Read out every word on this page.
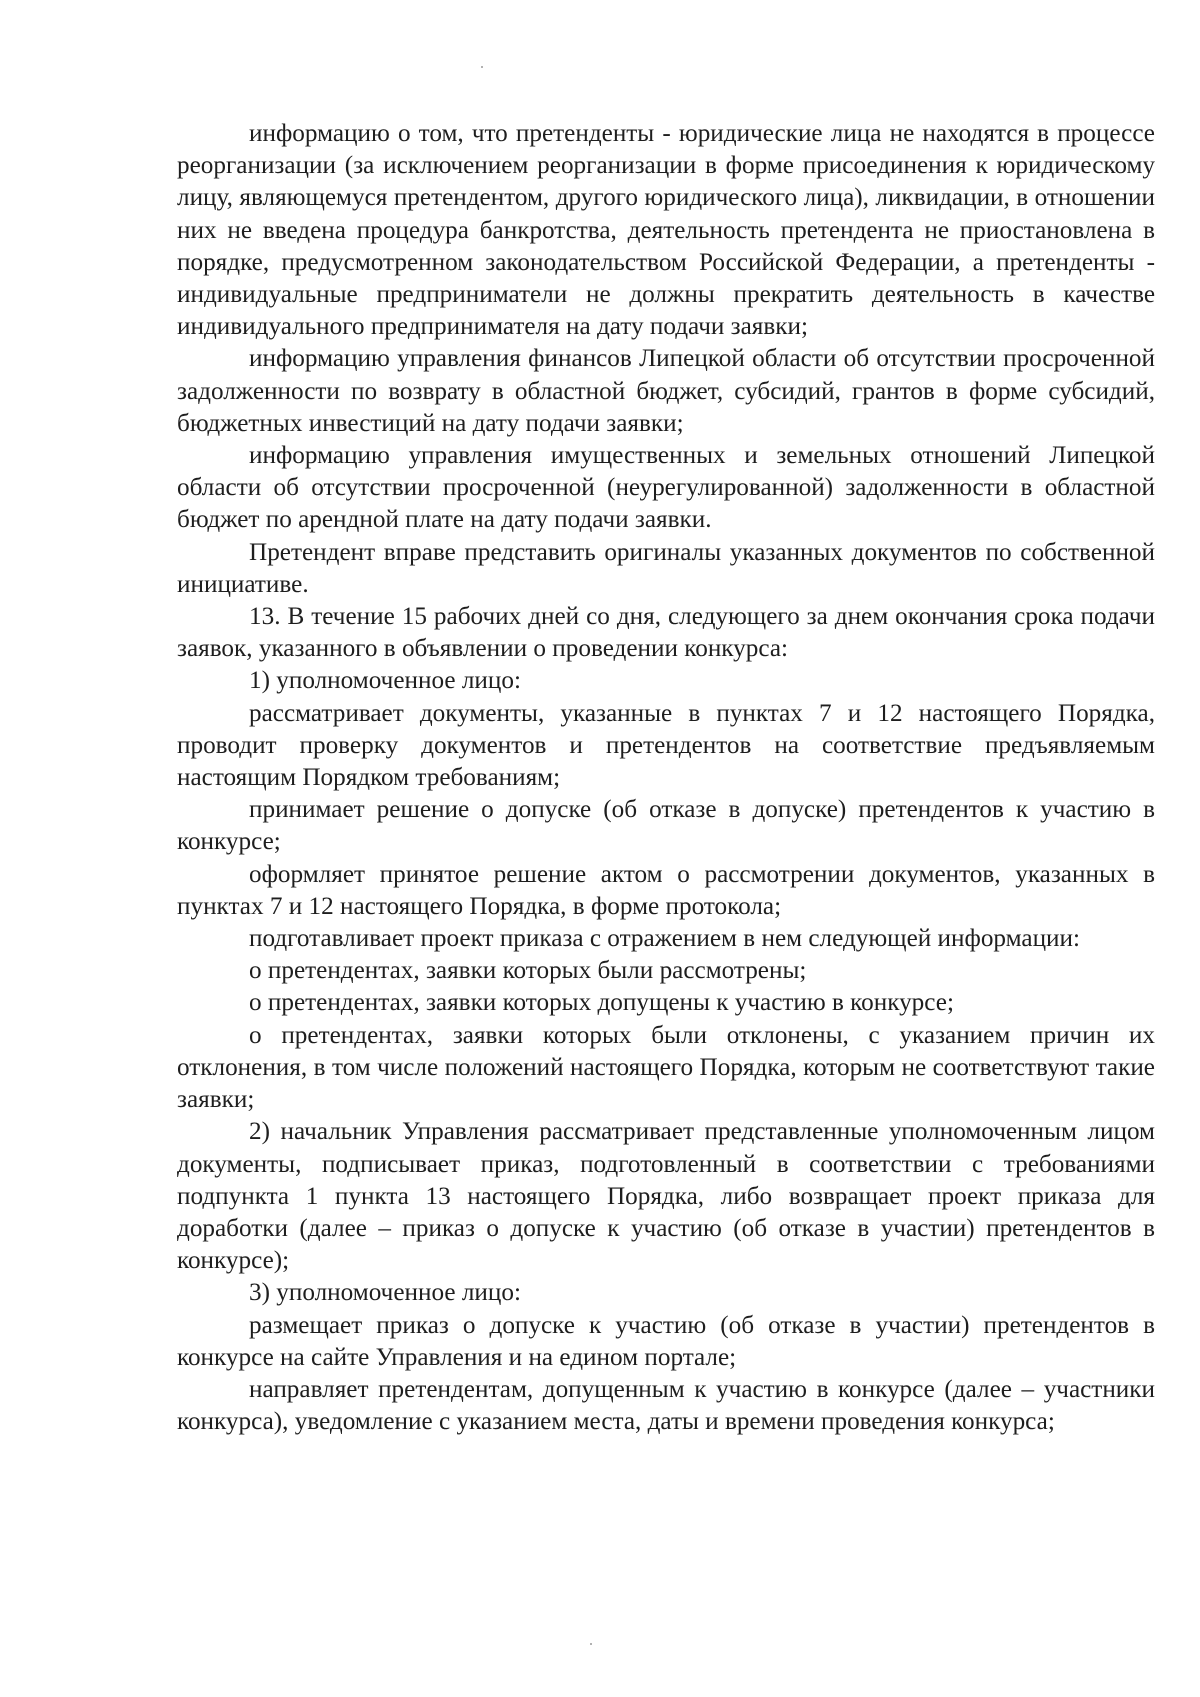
информацию о том, что претенденты - юридические лица не находятся в процессе реорганизации (за исключением реорганизации в форме присоединения к юридическому лицу, являющемуся претендентом, другого юридического лица), ликвидации, в отношении них не введена процедура банкротства, деятельность претендента не приостановлена в порядке, предусмотренном законодательством Российской Федерации, а претенденты - индивидуальные предприниматели не должны прекратить деятельность в качестве индивидуального предпринимателя на дату подачи заявки;

информацию управления финансов Липецкой области об отсутствии просроченной задолженности по возврату в областной бюджет, субсидий, грантов в форме субсидий, бюджетных инвестиций на дату подачи заявки;

информацию управления имущественных и земельных отношений Липецкой области об отсутствии просроченной (неурегулированной) задолженности в областной бюджет по арендной плате на дату подачи заявки.

Претендент вправе представить оригиналы указанных документов по собственной инициативе.

13. В течение 15 рабочих дней со дня, следующего за днем окончания срока подачи заявок, указанного в объявлении о проведении конкурса:

1) уполномоченное лицо:

рассматривает документы, указанные в пунктах 7 и 12 настоящего Порядка, проводит проверку документов и претендентов на соответствие предъявляемым настоящим Порядком требованиям;

принимает решение о допуске (об отказе в допуске) претендентов к участию в конкурсе;

оформляет принятое решение актом о рассмотрении документов, указанных в пунктах 7 и 12 настоящего Порядка, в форме протокола;

подготавливает проект приказа с отражением в нем следующей информации:

о претендентах, заявки которых были рассмотрены;

о претендентах, заявки которых допущены к участию в конкурсе;

о претендентах, заявки которых были отклонены, с указанием причин их отклонения, в том числе положений настоящего Порядка, которым не соответствуют такие заявки;

2) начальник Управления рассматривает представленные уполномоченным лицом документы, подписывает приказ, подготовленный в соответствии с требованиями подпункта 1 пункта 13 настоящего Порядка, либо возвращает проект приказа для доработки (далее – приказ о допуске к участию (об отказе в участии) претендентов в конкурсе);

3) уполномоченное лицо:

размещает приказ о допуске к участию (об отказе в участии) претендентов в конкурсе на сайте Управления и на едином портале;

направляет претендентам, допущенным к участию в конкурсе (далее – участники конкурса), уведомление с указанием места, даты и времени проведения конкурса;
